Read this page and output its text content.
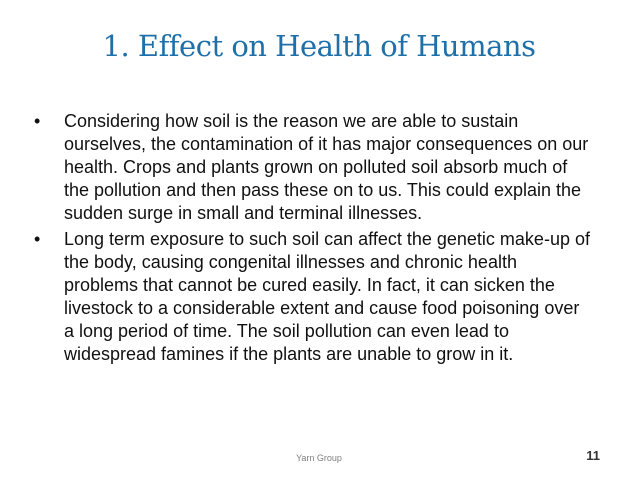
1. Effect on Health of Humans
•	Considering how soil is the reason we are able to sustain ourselves, the contamination of it has major consequences on our health. Crops and plants grown on polluted soil absorb much of the pollution and then pass these on to us. This could explain the sudden surge in small and terminal illnesses.
•	Long term exposure to such soil can affect the genetic make-up of the body, causing congenital illnesses and chronic health problems that cannot be cured easily. In fact, it can sicken the livestock to a considerable extent and cause food poisoning over a long period of time. The soil pollution can even lead to widespread famines if the plants are unable to grow in it.
Yarn Group	11
